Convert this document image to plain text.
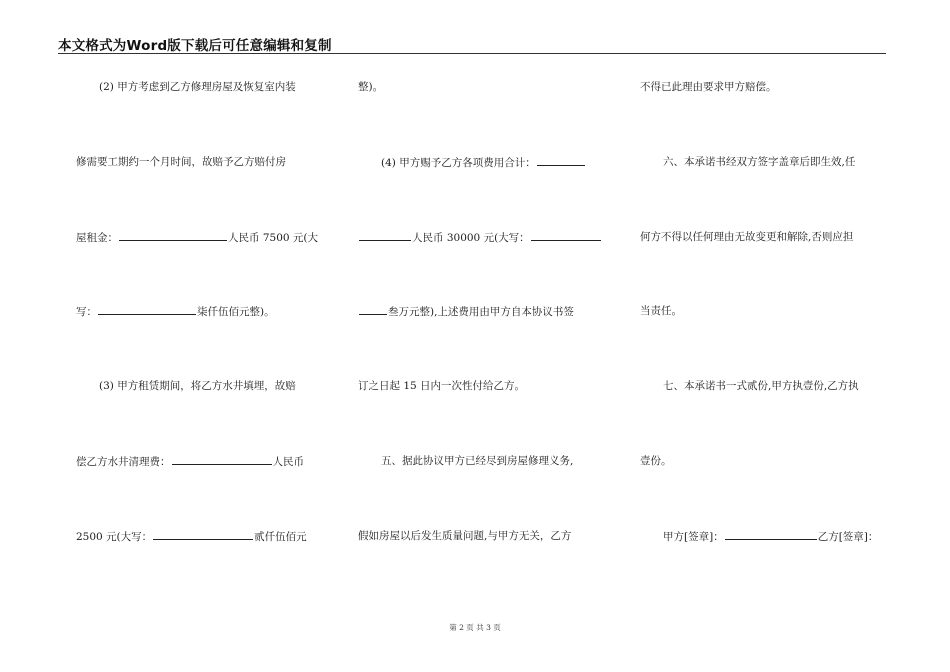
本文格式为Word版下载后可任意编辑和复制
(2) 甲方考虑到乙方修理房屋及恢复室内装
修需要工期约一个月时间，故赔予乙方赔付房
屋租金：	人民币 7500 元(大
写：	柒仟伍佰元整)。
(3) 甲方租赁期间，将乙方水井填埋，故赔
偿乙方水井清理费：	人民币
2500 元(大写：	贰仟伍佰元
整)。
(4) 甲方赐予乙方各项费用合计：
人民币 30000 元(大写：
叁万元整),上述费用由甲方自本协议书签
订之日起 15 日内一次性付给乙方。
五、据此协议甲方已经尽到房屋修理义务,
假如房屋以后发生质量问题,与甲方无关，乙方
不得已此理由要求甲方赔偿。
六、本承诺书经双方签字盖章后即生效,任
何方不得以任何理由无故变更和解除,否则应担
当责任。
七、本承诺书一式贰份,甲方执壹份,乙方执
壹份。
甲方[签章]：	乙方[签章]：
第 2 页 共 3 页
